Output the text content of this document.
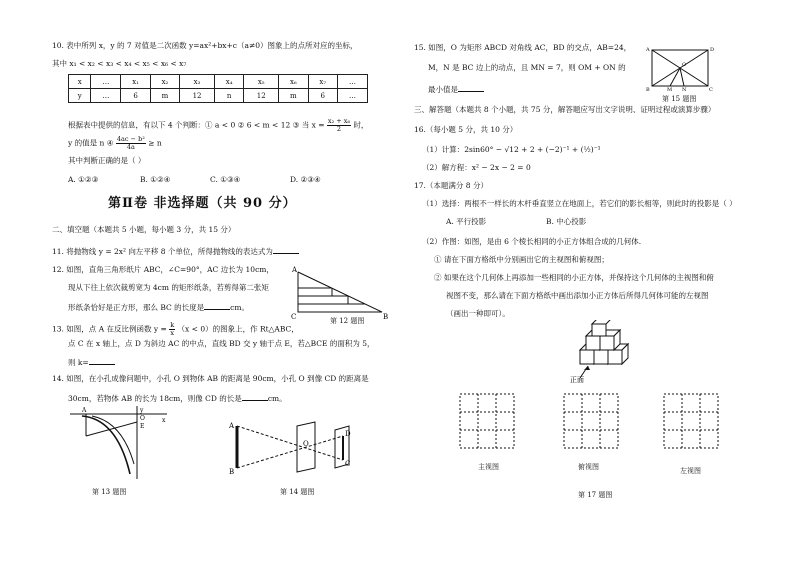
10. 表中所列 x，y 的 7 对值是二次函数 y=ax²+bx+c（a≠0）图象上的点所对应的坐标，
其中 x₁ < x₂ < x₃ < x₄ < x₅ < x₆ < x₇
x	…	x₁	x₂	x₃	x₄	x₅	x₆	x₇	…
y	…	6	m	12	n	12	m	6	…
根据表中提供的信息，有以下 4 个判断：① a < 0 ② 6 < m < 12 ③ 当 $x = \frac{\text{x₂ + x₆}}{2}$ 时，
y 的值是 n ④ $\frac{\text{4ac − b²}}{4a} \ge n$
其中判断正确的是（ ）
A. ①②③	B. ①②④	C. ①③④	D. ②③④
第Ⅱ卷 非选择题（共 90 分）
二、填空题（本题共 5 小题，每小题 3 分，共 15 分）
11. 将抛物线 y = 2x² 向左平移 8 个单位，所得抛物线的表达式为
12. 如图，直角三角形纸片 ABC，∠C=90°，AC 边长为 10cm，
现从下往上依次裁剪宽为 4cm 的矩形纸条，若剪得第二张矩
形纸条恰好是正方形，那么 BC 的长度是	cm。
A
C	B
第 12 题图
13. 如图，点 A 在反比例函数 $y = \frac{k}{x} (x < 0)$的图象上，作 Rt△ABC，
点 C 在 x 轴上，点 D 为斜边 AC 的中点，直线 BD 交 y 轴于点 E，若△BCE 的面积为 5，
则 k=
14. 如图，在小孔成像问题中，小孔 O 到物体 AB 的距离是 90cm，小孔 O 到像 CD 的距离是
30cm，若物体 AB 的长为 18cm，则像 CD 的长是	cm。
y
A
E
O	x
第 13 题图
A
B
O
D
C
第 14 题图
15. 如图，O 为矩形 ABCD 对角线 AC，BD 的交点，AB=24，
M，N 是 BC 边上的动点，且 MN = 7，则 OM + ON 的
最小值是
A	D
O
B	M N	C
第 15 题图
三、解答题（本题共 8 个小题，共 75 分，解答题应写出文字说明、证明过程或演算步骤）
16.（每小题 5 分，共 10 分）
（1）计算：2sin60° − √12 + 2 + (−2)⁻¹ + (½)⁻¹
（2）解方程：x² − 2x − 2 = 0
17.（本题满分 8 分）
（1）选择：两根不一样长的木杆垂直竖立在地面上，若它们的影长相等，则此时的投影是（ ）
A. 平行投影	B. 中心投影
（2）作图：如图，是由 6 个棱长相同的小正方体组合成的几何体.
① 请在下面方格纸中分别画出它的主视图和俯视图；
② 如果在这个几何体上再添加一些相同的小正方体，并保持这个几何体的主视图和俯
视图不变，那么请在下面方格纸中画出添加小正方体后所得几何体可能的左视图
（画出一种即可）。
正面
主视图	俯视图	左视图
第 17 题图
